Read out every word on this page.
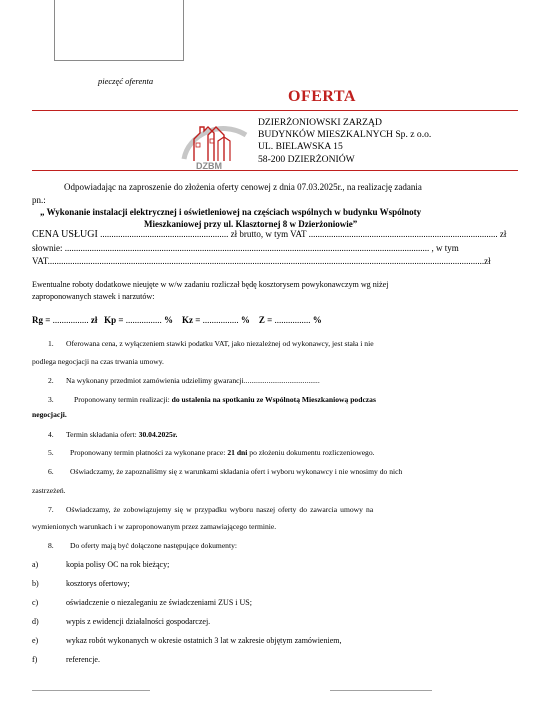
pieczęć oferenta
OFERTA
DZBM
DZIERŻONIOWSKI ZARZĄD
BUDYNKÓW MIESZKALNYCH Sp. z o.o.
UL. BIELAWSKA 15
58-200 DZIERŻONIÓW
Odpowiadając na zaproszenie do złożenia oferty cenowej z dnia 07.03.2025r., na realizację zadania
pn.:
„ Wykonanie instalacji elektrycznej i oświetleniowej na częściach wspólnych w budynku Wspólnoty
Mieszkaniowej przy ul. Klasztornej 8 w Dzierżoniowie”
CENA USŁUGI ......................................................... zł brutto, w tym VAT .................................................................................... zł
słownie: .................................................................................................................................................................. , w tym
VAT..................................................................................................................................................................................................zł
Ewentualne roboty dodatkowe nieujęte w w/w zadaniu rozliczał będę kosztorysem powykonawczym wg niżej
zaproponowanych stawek i narzutów:
Rg = ................ zł Kp = ................ % Kz = ................ % Z = ................ %
1. Oferowana cena, z wyłączeniem stawki podatku VAT, jako niezależnej od wykonawcy, jest stała i nie
podlega negocjacji na czas trwania umowy.
2. Na wykonany przedmiot zamówienia udzielimy gwarancji........................................
3.	Proponowany termin realizacji: do ustalenia na spotkaniu ze Wspólnotą Mieszkaniową podczas
negocjacji.
4. Termin składania ofert: 30.04.2025r.
5. Proponowany termin płatności za wykonane prace: 21 dni po złożeniu dokumentu rozliczeniowego.
6. Oświadczamy, że zapoznaliśmy się z warunkami składania ofert i wyboru wykonawcy i nie wnosimy do nich
zastrzeżeń.
7. Oświadczamy, że zobowiązujemy się w przypadku wyboru naszej oferty do zawarcia umowy na
wymienionych warunkach i w zaproponowanym przez zamawiającego terminie.
8. Do oferty mają być dołączone następujące dokumenty:
a)	kopia polisy OC na rok bieżący;
b)	kosztorys ofertowy;
c)	oświadczenie o niezaleganiu ze świadczeniami ZUS i US;
d)	wypis z ewidencji działalności gospodarczej.
e)	wykaz robót wykonanych w okresie ostatnich 3 lat w zakresie objętym zamówieniem,
f)	referencje.
...........................................................	...................................................
